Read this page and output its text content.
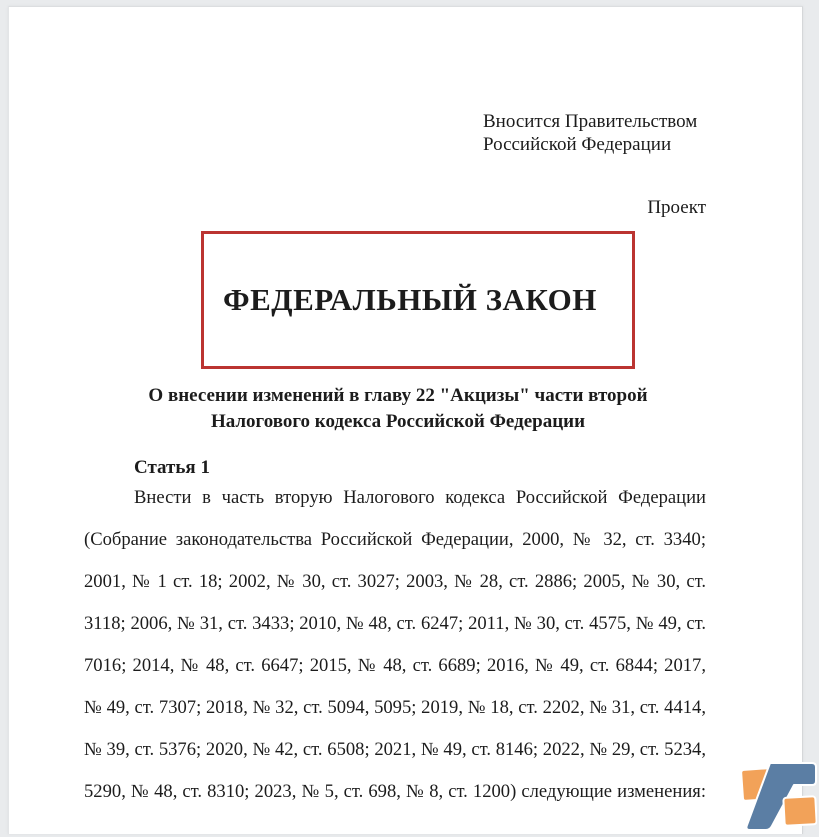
Вносится Правительством
Российской Федерации
Проект
ФЕДЕРАЛЬНЫЙ ЗАКОН
О внесении изменений в главу 22 "Акцизы" части второй
Налогового кодекса Российской Федерации
Статья 1
Внести в часть вторую Налогового кодекса Российской Федерации
(Собрание законодательства Российской Федерации, 2000, № 32, ст. 3340;
2001, № 1 ст. 18; 2002, № 30, ст. 3027; 2003, № 28, ст. 2886; 2005, № 30, ст.
3118; 2006, № 31, ст. 3433; 2010, № 48, ст. 6247; 2011, № 30, ст. 4575, № 49, ст.
7016; 2014, № 48, ст. 6647; 2015, № 48, ст. 6689; 2016, № 49, ст. 6844; 2017,
№ 49, ст. 7307; 2018, № 32, ст. 5094, 5095; 2019, № 18, ст. 2202, № 31, ст. 4414,
№ 39, ст. 5376; 2020, № 42, ст. 6508; 2021, № 49, ст. 8146; 2022, № 29, ст. 5234,
5290, № 48, ст. 8310; 2023, № 5, ст. 698, № 8, ст. 1200) следующие изменения:
